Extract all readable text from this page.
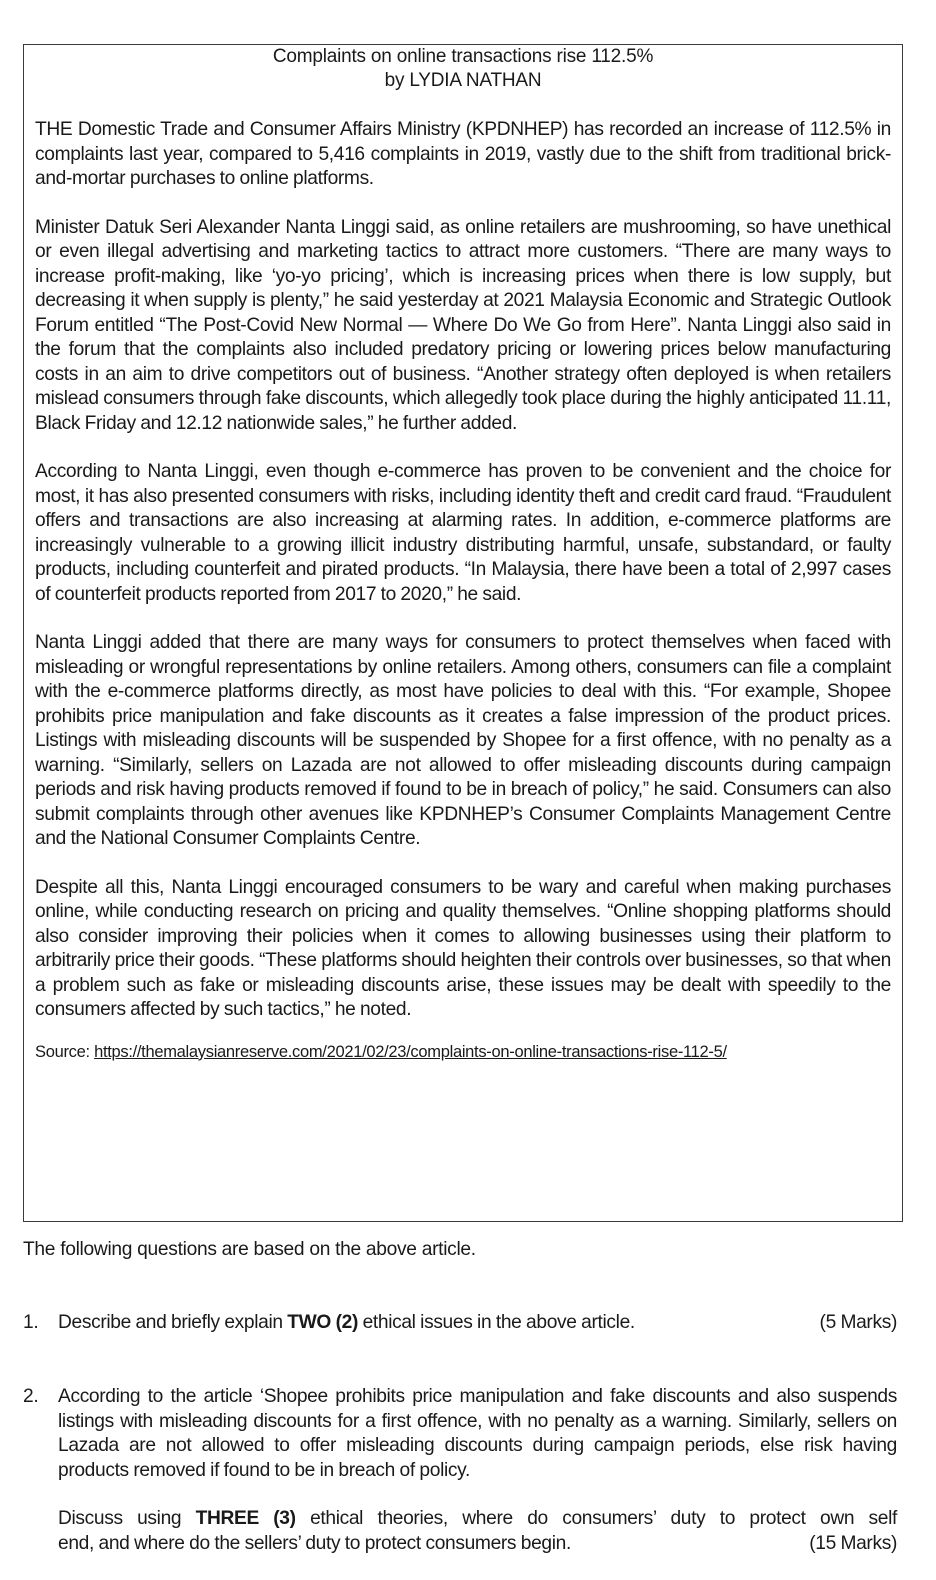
Complaints on online transactions rise 112.5%
by LYDIA NATHAN

THE Domestic Trade and Consumer Affairs Ministry (KPDNHEP) has recorded an increase of 112.5% in complaints last year, compared to 5,416 complaints in 2019, vastly due to the shift from traditional brick-and-mortar purchases to online platforms.

Minister Datuk Seri Alexander Nanta Linggi said, as online retailers are mushrooming, so have unethical or even illegal advertising and marketing tactics to attract more customers. “There are many ways to increase profit-making, like ‘yo-yo pricing’, which is increasing prices when there is low supply, but decreasing it when supply is plenty,” he said yesterday at 2021 Malaysia Economic and Strategic Outlook Forum entitled “The Post-Covid New Normal — Where Do We Go from Here”. Nanta Linggi also said in the forum that the complaints also included predatory pricing or lowering prices below manufacturing costs in an aim to drive competitors out of business. “Another strategy often deployed is when retailers mislead consumers through fake discounts, which allegedly took place during the highly anticipated 11.11, Black Friday and 12.12 nationwide sales,” he further added.

According to Nanta Linggi, even though e-commerce has proven to be convenient and the choice for most, it has also presented consumers with risks, including identity theft and credit card fraud. “Fraudulent offers and transactions are also increasing at alarming rates. In addition, e-commerce platforms are increasingly vulnerable to a growing illicit industry distributing harmful, unsafe, substandard, or faulty products, including counterfeit and pirated products. “In Malaysia, there have been a total of 2,997 cases of counterfeit products reported from 2017 to 2020,” he said.

Nanta Linggi added that there are many ways for consumers to protect themselves when faced with misleading or wrongful representations by online retailers. Among others, consumers can file a complaint with the e-commerce platforms directly, as most have policies to deal with this. “For example, Shopee prohibits price manipulation and fake discounts as it creates a false impression of the product prices. Listings with misleading discounts will be suspended by Shopee for a first offence, with no penalty as a warning. “Similarly, sellers on Lazada are not allowed to offer misleading discounts during campaign periods and risk having products removed if found to be in breach of policy,” he said. Consumers can also submit complaints through other avenues like KPDNHEP’s Consumer Complaints Management Centre and the National Consumer Complaints Centre.

Despite all this, Nanta Linggi encouraged consumers to be wary and careful when making purchases online, while conducting research on pricing and quality themselves. “Online shopping platforms should also consider improving their policies when it comes to allowing businesses using their platform to arbitrarily price their goods. “These platforms should heighten their controls over businesses, so that when a problem such as fake or misleading discounts arise, these issues may be dealt with speedily to the consumers affected by such tactics,” he noted.

Source: https://themalaysianreserve.com/2021/02/23/complaints-on-online-transactions-rise-112-5/
The following questions are based on the above article.
1. Describe and briefly explain TWO (2) ethical issues in the above article.	(5 Marks)
2. According to the article ‘Shopee prohibits price manipulation and fake discounts and also suspends listings with misleading discounts for a first offence, with no penalty as a warning. Similarly, sellers on Lazada are not allowed to offer misleading discounts during campaign periods, else risk having products removed if found to be in breach of policy.
Discuss using THREE (3) ethical theories, where do consumers’ duty to protect own self
end, and where do the sellers’ duty to protect consumers begin.	(15 Marks)
